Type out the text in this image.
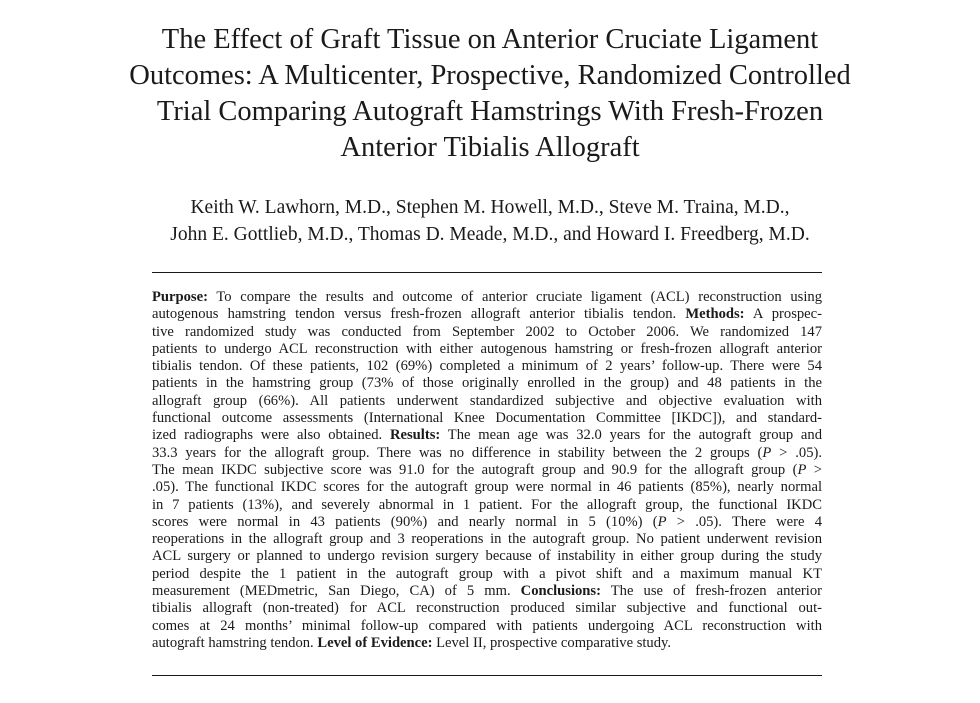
The Effect of Graft Tissue on Anterior Cruciate Ligament
Outcomes: A Multicenter, Prospective, Randomized Controlled
Trial Comparing Autograft Hamstrings With Fresh-Frozen
Anterior Tibialis Allograft
Keith W. Lawhorn, M.D., Stephen M. Howell, M.D., Steve M. Traina, M.D.,
John E. Gottlieb, M.D., Thomas D. Meade, M.D., and Howard I. Freedberg, M.D.
Purpose: To compare the results and outcome of anterior cruciate ligament (ACL) reconstruction using
autogenous hamstring tendon versus fresh-frozen allograft anterior tibialis tendon. Methods: A prospec-
tive randomized study was conducted from September 2002 to October 2006. We randomized 147
patients to undergo ACL reconstruction with either autogenous hamstring or fresh-frozen allograft anterior
tibialis tendon. Of these patients, 102 (69%) completed a minimum of 2 years’ follow-up. There were 54
patients in the hamstring group (73% of those originally enrolled in the group) and 48 patients in the
allograft group (66%). All patients underwent standardized subjective and objective evaluation with
functional outcome assessments (International Knee Documentation Committee [IKDC]), and standard-
ized radiographs were also obtained. Results: The mean age was 32.0 years for the autograft group and
33.3 years for the allograft group. There was no difference in stability between the 2 groups (P > .05).
The mean IKDC subjective score was 91.0 for the autograft group and 90.9 for the allograft group (P >
.05). The functional IKDC scores for the autograft group were normal in 46 patients (85%), nearly normal
in 7 patients (13%), and severely abnormal in 1 patient. For the allograft group, the functional IKDC
scores were normal in 43 patients (90%) and nearly normal in 5 (10%) (P > .05). There were 4
reoperations in the allograft group and 3 reoperations in the autograft group. No patient underwent revision
ACL surgery or planned to undergo revision surgery because of instability in either group during the study
period despite the 1 patient in the autograft group with a pivot shift and a maximum manual KT
measurement (MEDmetric, San Diego, CA) of 5 mm. Conclusions: The use of fresh-frozen anterior
tibialis allograft (non-treated) for ACL reconstruction produced similar subjective and functional out-
comes at 24 months’ minimal follow-up compared with patients undergoing ACL reconstruction with
autograft hamstring tendon. Level of Evidence: Level II, prospective comparative study.
